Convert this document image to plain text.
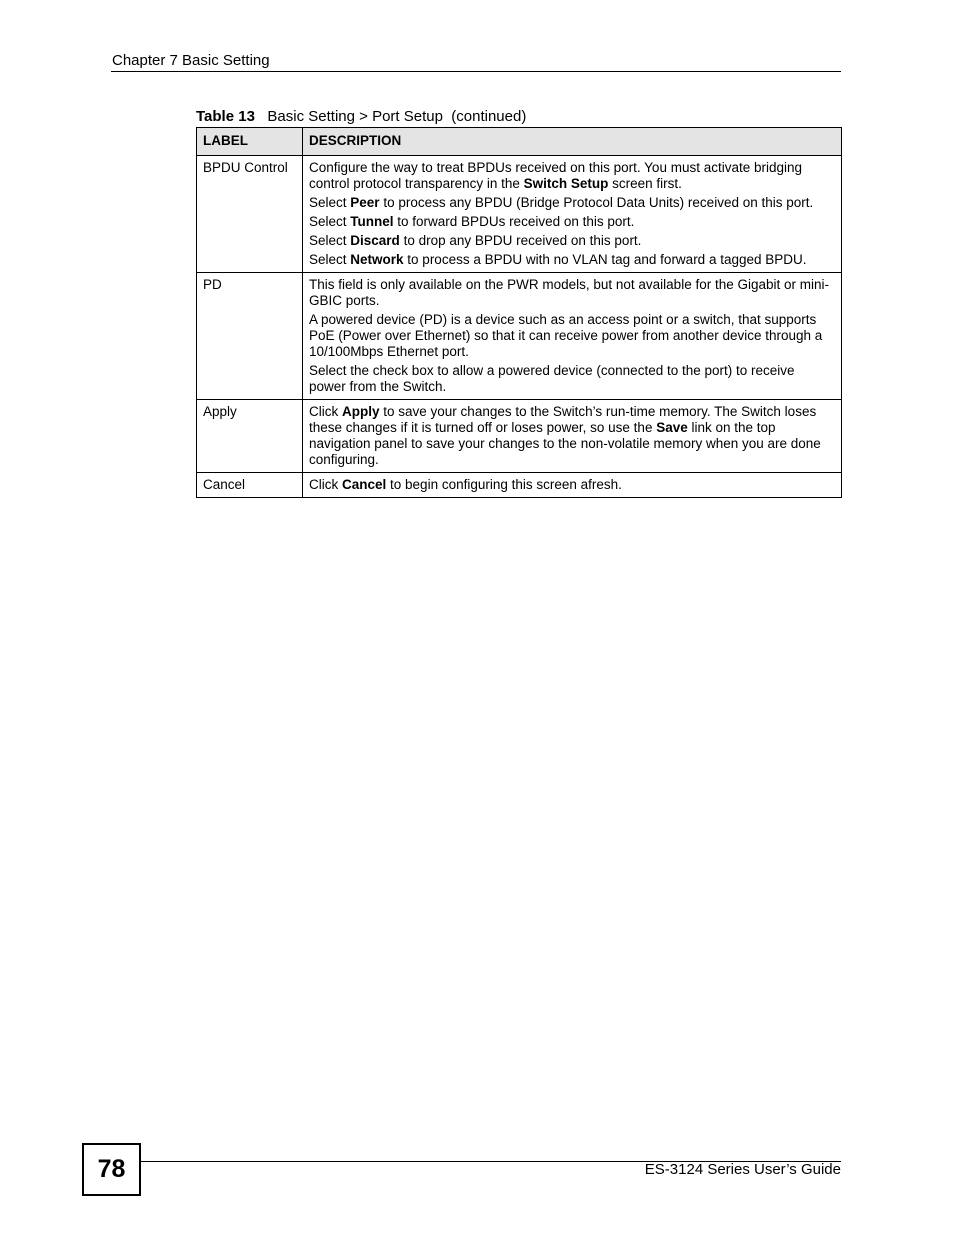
Chapter 7 Basic Setting
Table 13   Basic Setting > Port Setup  (continued)
LABEL	DESCRIPTION
BPDU Control	Configure the way to treat BPDUs received on this port. You must activate bridging control protocol transparency in the Switch Setup screen first.

Select Peer to process any BPDU (Bridge Protocol Data Units) received on this port.

Select Tunnel to forward BPDUs received on this port.

Select Discard to drop any BPDU received on this port.

Select Network to process a BPDU with no VLAN tag and forward a tagged BPDU.

PD	This field is only available on the PWR models, but not available for the Gigabit or mini-GBIC ports.

A powered device (PD) is a device such as an access point or a switch, that supports PoE (Power over Ethernet) so that it can receive power from another device through a 10/100Mbps Ethernet port.

Select the check box to allow a powered device (connected to the port) to receive power from the Switch.

Apply	Click Apply to save your changes to the Switch’s run-time memory. The Switch loses these changes if it is turned off or loses power, so use the Save link on the top navigation panel to save your changes to the non-volatile memory when you are done configuring.

Cancel	Click Cancel to begin configuring this screen afresh.

78	ES-3124 Series User’s Guide
